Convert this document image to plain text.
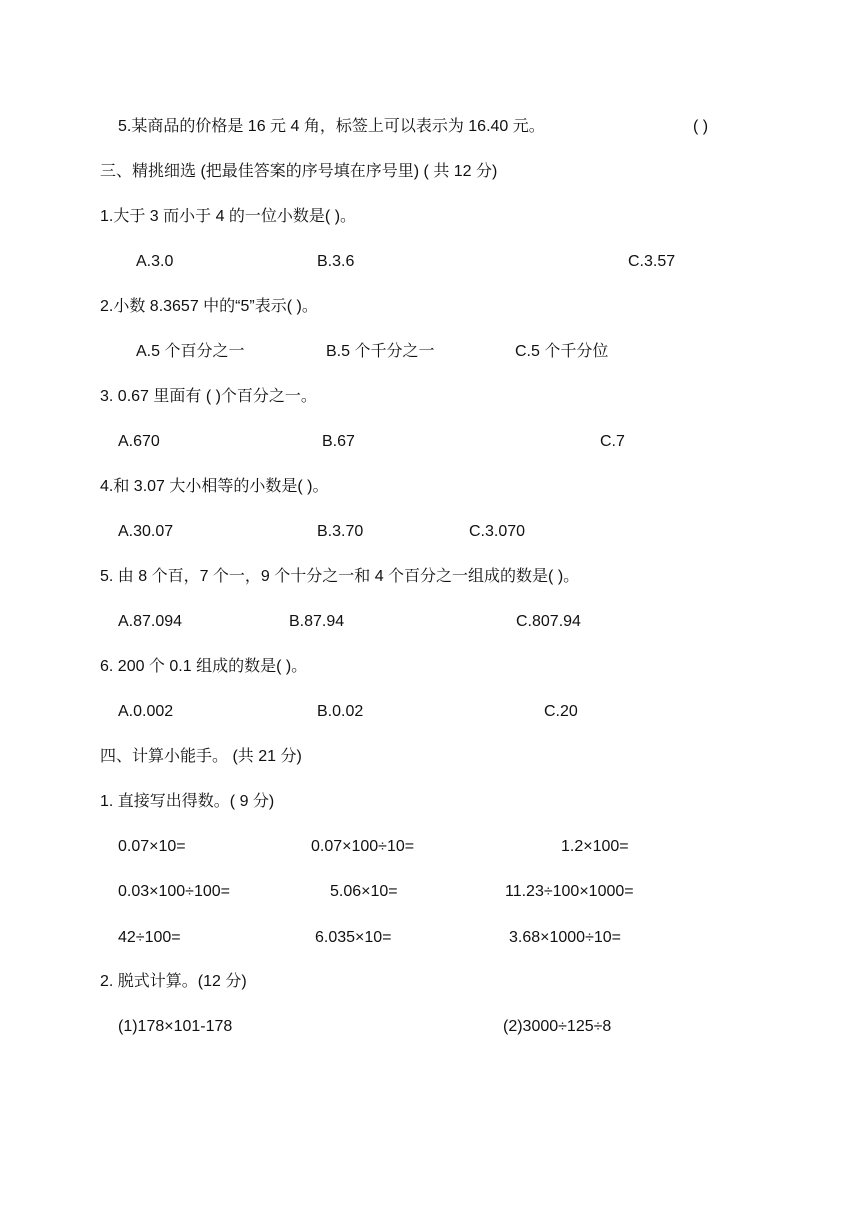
5.某商品的价格是 16 元 4 角，标签上可以表示为 16.40 元。	( )
三、精挑细选 (把最佳答案的序号填在序号里) ( 共 12 分)
1.大于 3 而小于 4 的一位小数是( )。
A.3.0	B.3.6	C.3.57
2.小数 8.3657 中的“5”表示( )。
A.5 个百分之一	B.5 个千分之一	C.5 个千分位
3. 0.67 里面有 ( )个百分之一。
A.670	B.67	C.7
4.和 3.07 大小相等的小数是( )。
A.30.07	B.3.70	C.3.070
5. 由 8 个百，7 个一，9 个十分之一和 4 个百分之一组成的数是( )。
A.87.094	B.87.94	C.807.94
6. 200 个 0.1 组成的数是( )。
A.0.002	B.0.02	C.20
四、计算小能手。 (共 21 分)
1. 直接写出得数。( 9 分)
0.07×10=	0.07×100÷10=	1.2×100=
0.03×100÷100=	5.06×10=	11.23÷100×1000=
42÷100=	6.035×10=	3.68×1000÷10=
2. 脱式计算。(12 分)
(1)178×101-178	(2)3000÷125÷8
